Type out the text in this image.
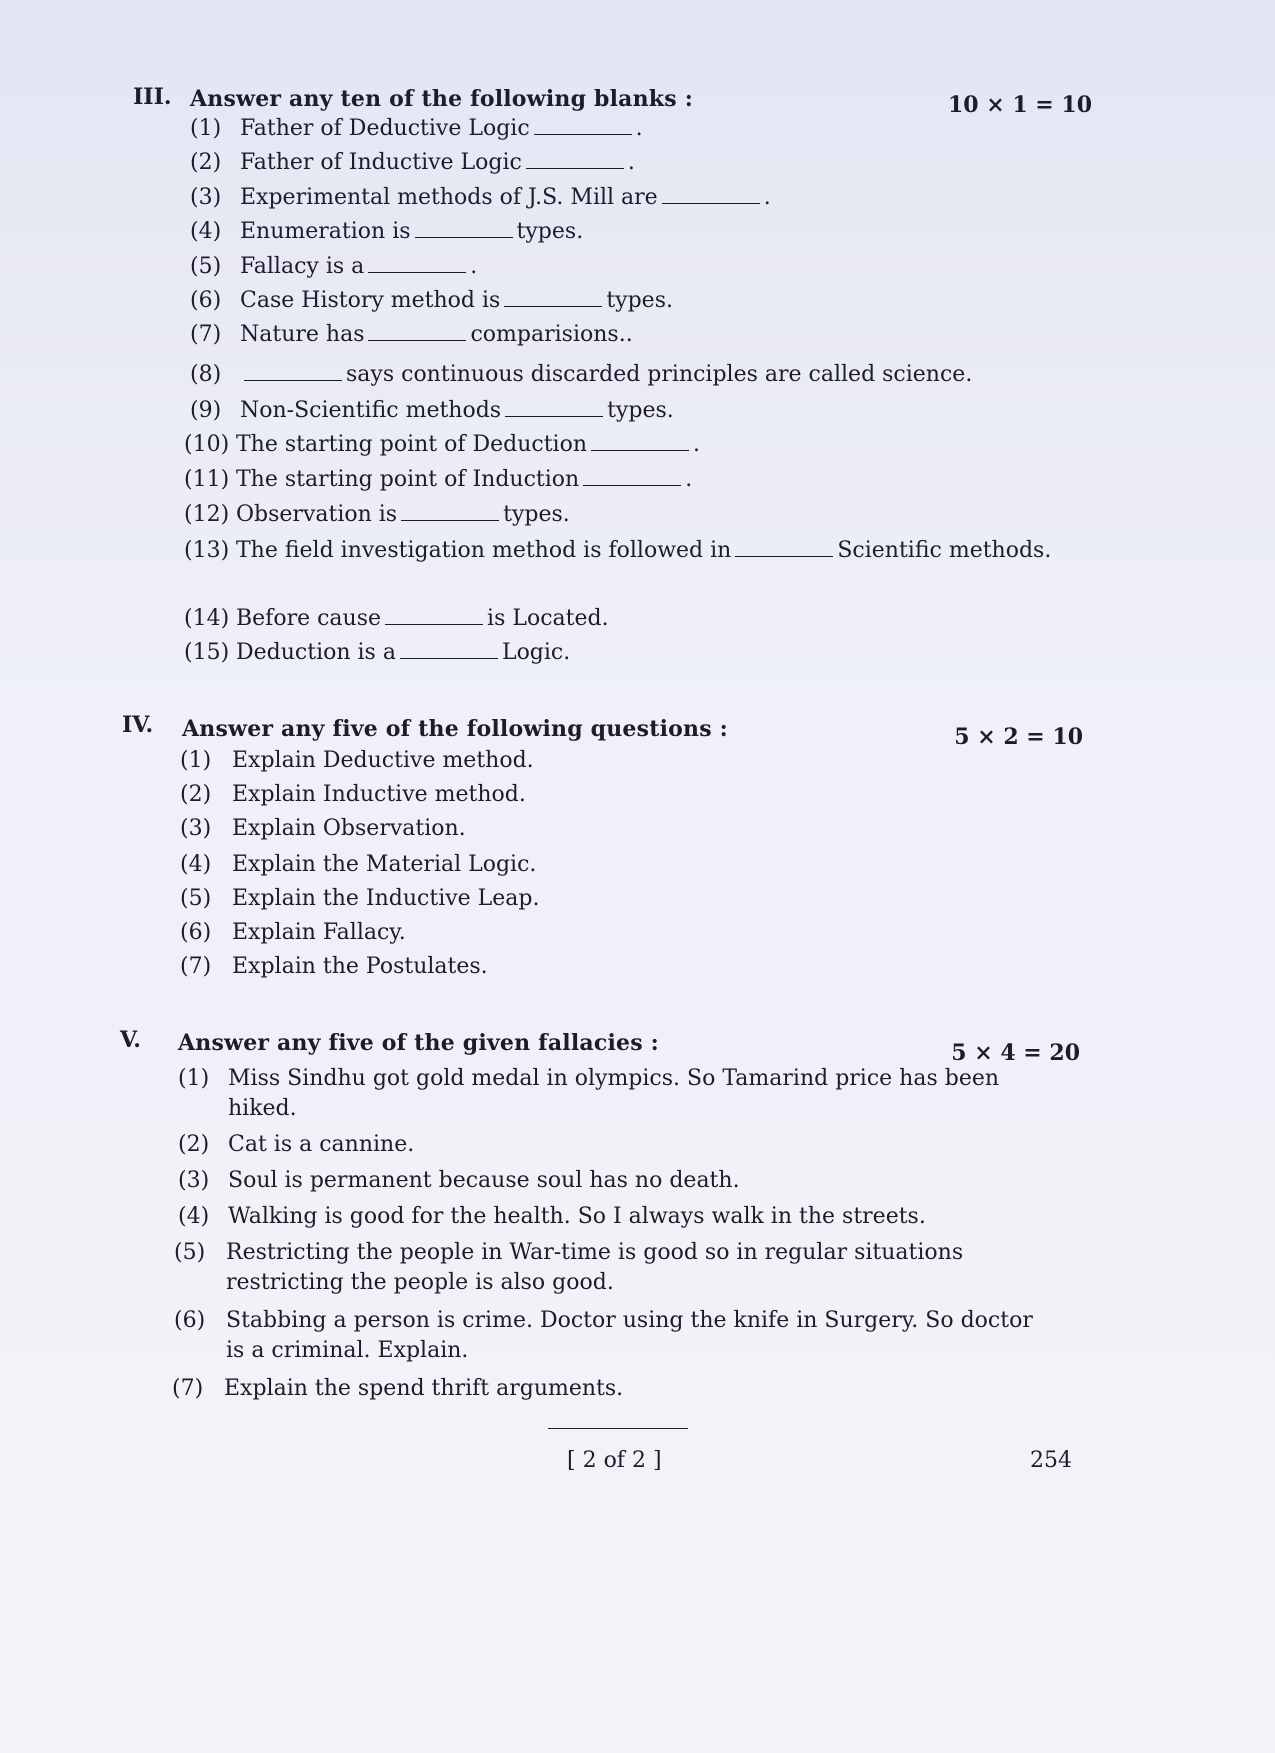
III. Answer any ten of the following blanks :	10 × 1 = 10
(1) Father of Deductive Logic	.
(2) Father of Inductive Logic	.
(3) Experimental methods of J.S. Mill are	.
(4) Enumeration is	types.
(5) Fallacy is a	.
(6) Case History method is	types.
(7) Nature has	comparisions..
(8)	says continuous discarded principles are called science.
(9) Non-Scientific methods	types.
(10) The starting point of Deduction	.
(11) The starting point of Induction	.
(12) Observation is	types.
(13) The field investigation method is followed in	Scientific methods.
(14) Before cause	is Located.
(15) Deduction is a	Logic.
IV. Answer any five of the following questions :	5 × 2 = 10
(1) Explain Deductive method.
(2) Explain Inductive method.
(3) Explain Observation.
(4) Explain the Material Logic.
(5) Explain the Inductive Leap.
(6) Explain Fallacy.
(7) Explain the Postulates.
V. Answer any five of the given fallacies :	5 × 4 = 20
(1) Miss Sindhu got gold medal in olympics. So Tamarind price has been hiked.
(2) Cat is a cannine.
(3) Soul is permanent because soul has no death.
(4) Walking is good for the health. So I always walk in the streets.
(5) Restricting the people in War-time is good so in regular situations restricting the people is also good.
(6) Stabbing a person is crime. Doctor using the knife in Surgery. So doctor is a criminal. Explain.
(7) Explain the spend thrift arguments.
[ 2 of 2 ]	254
